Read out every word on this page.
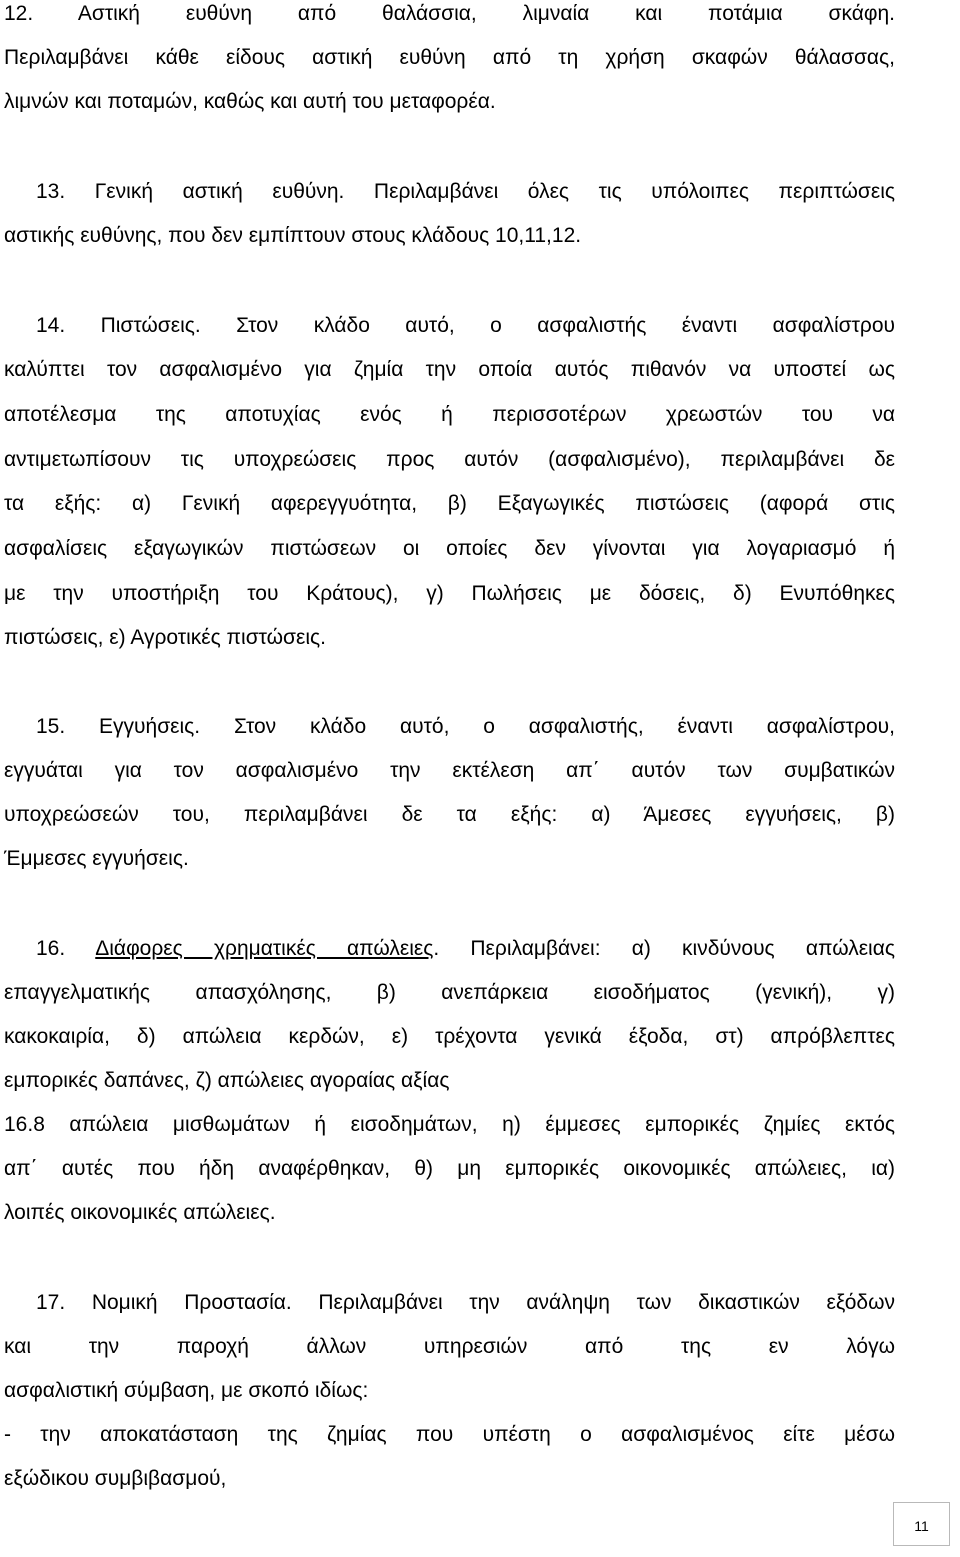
12. Αστική ευθύνη από θαλάσσια, λιμναία και ποτάμια σκάφη.
Περιλαμβάνει κάθε είδους αστική ευθύνη από τη χρήση σκαφών θάλασσας,
λιμνών και ποταμών, καθώς και αυτή του μεταφορέα.
13. Γενική αστική ευθύνη. Περιλαμβάνει όλες τις υπόλοιπες περιπτώσεις
αστικής ευθύνης, που δεν εμπίπτουν στους κλάδους 10,11,12.
14. Πιστώσεις. Στον κλάδο αυτό, ο ασφαλιστής έναντι ασφαλίστρου
καλύπτει τον ασφαλισμένο για ζημία την οποία αυτός πιθανόν να υποστεί ως
αποτέλεσμα της αποτυχίας ενός ή περισσοτέρων χρεωστών του να
αντιμετωπίσουν τις υποχρεώσεις προς αυτόν (ασφαλισμένο), περιλαμβάνει δε
τα εξής: α) Γενική αφερεγγυότητα, β) Εξαγωγικές πιστώσεις (αφορά στις
ασφαλίσεις εξαγωγικών πιστώσεων οι οποίες δεν γίνονται για λογαριασμό ή
με την υποστήριξη του Κράτους), γ) Πωλήσεις με δόσεις, δ) Ενυπόθηκες
πιστώσεις, ε) Αγροτικές πιστώσεις.
15. Εγγυήσεις. Στον κλάδο αυτό, ο ασφαλιστής, έναντι ασφαλίστρου,
εγγυάται για τον ασφαλισμένο την εκτέλεση απ΄ αυτόν των συμβατικών
υποχρεώσεών του, περιλαμβάνει δε τα εξής: α) Άμεσες εγγυήσεις, β)
Έμμεσες εγγυήσεις.
16. Διάφορες χρηματικές απώλειες. Περιλαμβάνει: α) κινδύνους απώλειας
επαγγελματικής απασχόλησης, β) ανεπάρκεια εισοδήματος (γενική), γ)
κακοκαιρία, δ) απώλεια κερδών, ε) τρέχοντα γενικά έξοδα, στ) απρόβλεπτες
εμπορικές δαπάνες, ζ) απώλειες αγοραίας αξίας
16.8 απώλεια μισθωμάτων ή εισοδημάτων, η) έμμεσες εμπορικές ζημίες εκτός
απ΄ αυτές που ήδη αναφέρθηκαν, θ) μη εμπορικές οικονομικές απώλειες, ια)
λοιπές οικονομικές απώλειες.
17. Νομική Προστασία. Περιλαμβάνει την ανάληψη των δικαστικών εξόδων
και την παροχή άλλων υπηρεσιών από της εν λόγω
ασφαλιστική σύμβαση, με σκοπό ιδίως:
- την αποκατάσταση της ζημίας που υπέστη ο ασφαλισμένος είτε μέσω
εξώδικου συμβιβασμού,
11
